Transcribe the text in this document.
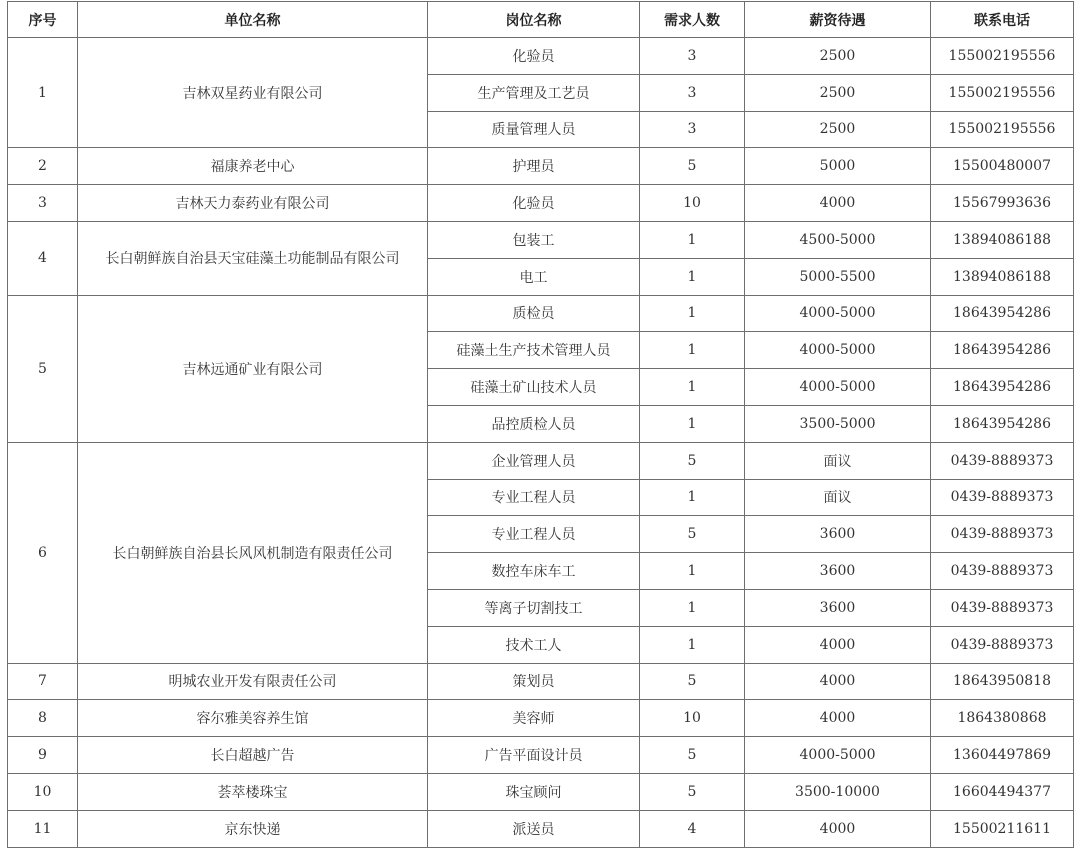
序号	单位名称	岗位名称	需求人数	薪资待遇	联系电话
1	吉林双星药业有限公司	化验员	3	2500	155002195556
		生产管理及工艺员	3	2500	155002195556
		质量管理人员	3	2500	155002195556
2	福康养老中心	护理员	5	5000	15500480007
3	吉林天力泰药业有限公司	化验员	10	4000	15567993636
4	长白朝鲜族自治县天宝硅藻土功能制品有限公司	包装工	1	4500-5000	13894086188
		电工	1	5000-5500	13894086188
5	吉林远通矿业有限公司	质检员	1	4000-5000	18643954286
		硅藻土生产技术管理人员	1	4000-5000	18643954286
		硅藻土矿山技术人员	1	4000-5000	18643954286
		品控质检人员	1	3500-5000	18643954286
6	长白朝鲜族自治县长风风机制造有限责任公司	企业管理人员	5	面议	0439-8889373
		专业工程人员	1	面议	0439-8889373
		专业工程人员	5	3600	0439-8889373
		数控车床车工	1	3600	0439-8889373
		等离子切割技工	1	3600	0439-8889373
		技术工人	1	4000	0439-8889373
7	明城农业开发有限责任公司	策划员	5	4000	18643950818
8	容尔雅美容养生馆	美容师	10	4000	1864380868
9	长白超越广告	广告平面设计员	5	4000-5000	13604497869
10	荟萃楼珠宝	珠宝顾问	5	3500-10000	16604494377
11	京东快递	派送员	4	4000	15500211611
